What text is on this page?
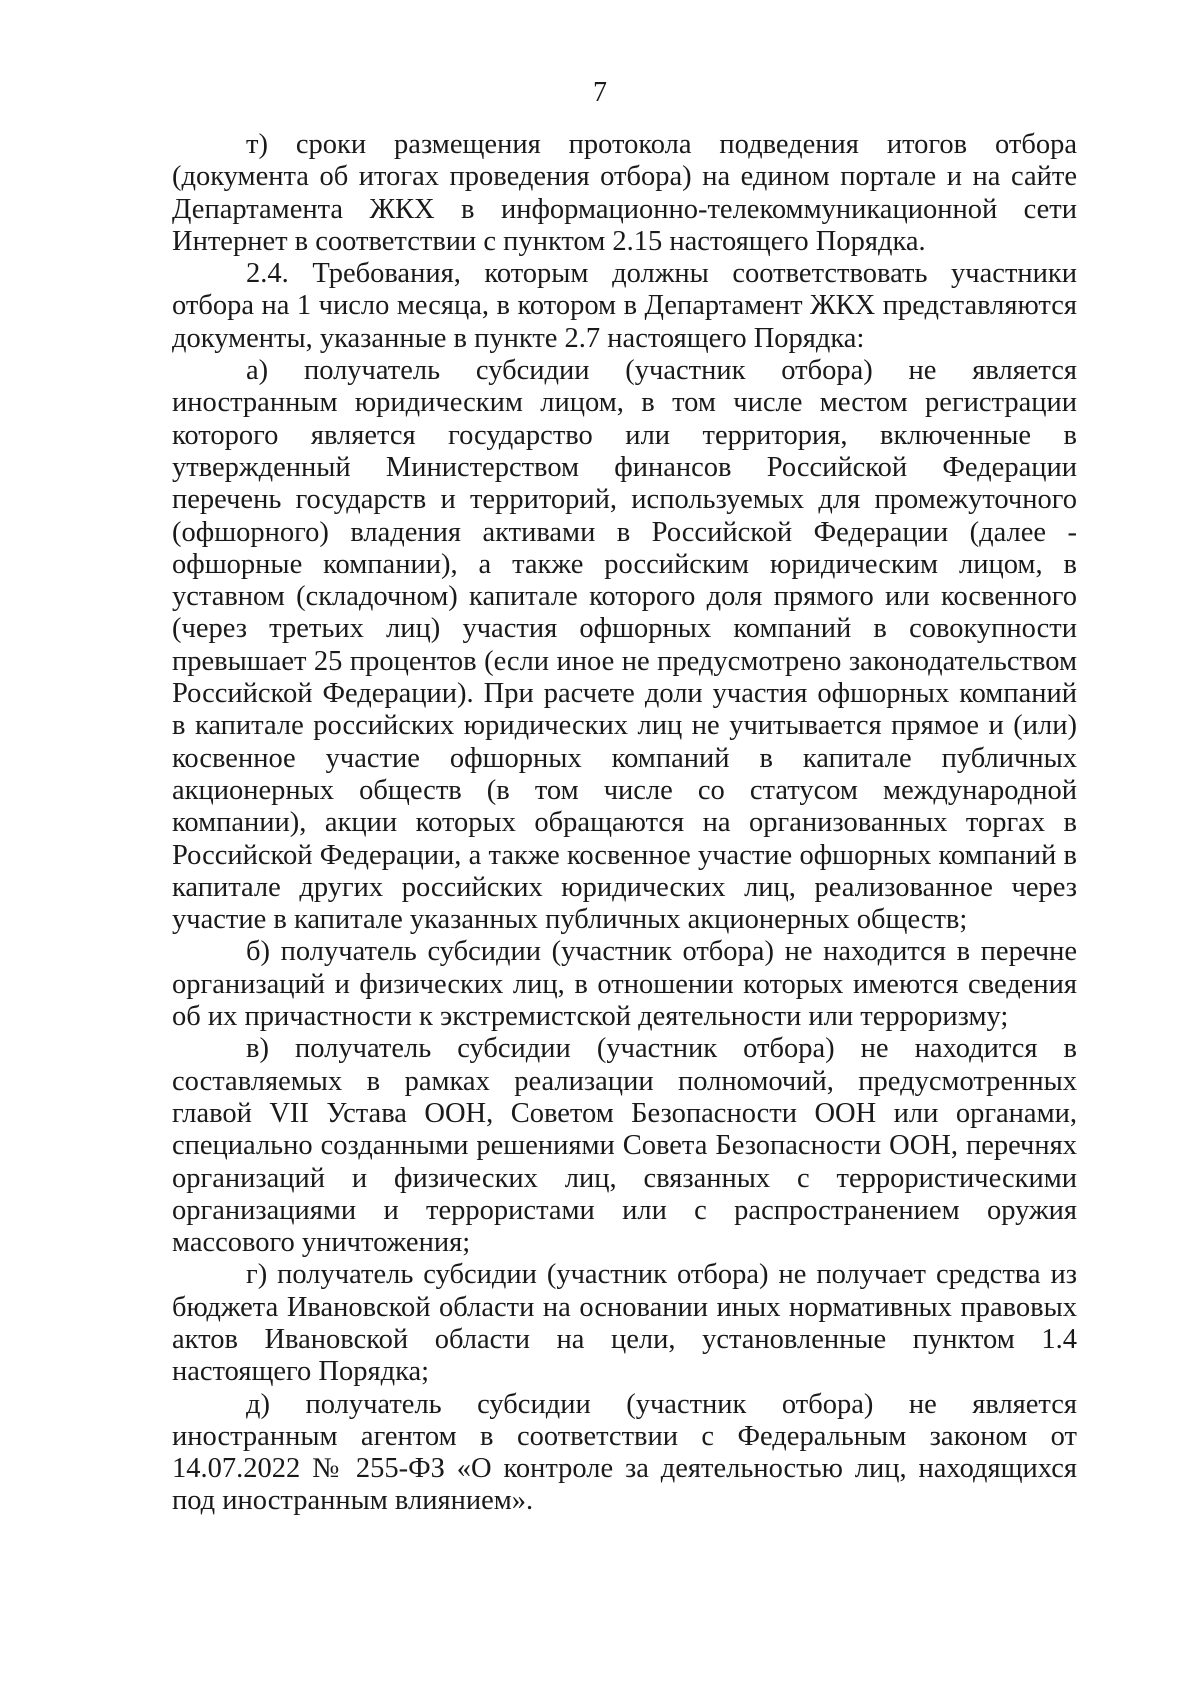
7

т) сроки размещения протокола подведения итогов отбора (документа об итогах проведения отбора) на едином портале и на сайте Департамента ЖКХ в информационно-телекоммуникационной сети Интернет в соответствии с пунктом 2.15 настоящего Порядка.

2.4. Требования, которым должны соответствовать участники отбора на 1 число месяца, в котором в Департамент ЖКХ представляются документы, указанные в пункте 2.7 настоящего Порядка:

а) получатель субсидии (участник отбора) не является иностранным юридическим лицом, в том числе местом регистрации которого является государство или территория, включенные в утвержденный Министерством финансов Российской Федерации перечень государств и территорий, используемых для промежуточного (офшорного) владения активами в Российской Федерации (далее - офшорные компании), а также российским юридическим лицом, в уставном (складочном) капитале которого доля прямого или косвенного (через третьих лиц) участия офшорных компаний в совокупности превышает 25 процентов (если иное не предусмотрено законодательством Российской Федерации). При расчете доли участия офшорных компаний в капитале российских юридических лиц не учитывается прямое и (или) косвенное участие офшорных компаний в капитале публичных акционерных обществ (в том числе со статусом международной компании), акции которых обращаются на организованных торгах в Российской Федерации, а также косвенное участие офшорных компаний в капитале других российских юридических лиц, реализованное через участие в капитале указанных публичных акционерных обществ;

б) получатель субсидии (участник отбора) не находится в перечне организаций и физических лиц, в отношении которых имеются сведения об их причастности к экстремистской деятельности или терроризму;

в) получатель субсидии (участник отбора) не находится в составляемых в рамках реализации полномочий, предусмотренных главой VII Устава ООН, Советом Безопасности ООН или органами, специально созданными решениями Совета Безопасности ООН, перечнях организаций и физических лиц, связанных с террористическими организациями и террористами или с распространением оружия массового уничтожения;

г) получатель субсидии (участник отбора) не получает средства из бюджета Ивановской области на основании иных нормативных правовых актов Ивановской области на цели, установленные пунктом 1.4 настоящего Порядка;

д) получатель субсидии (участник отбора) не является иностранным агентом в соответствии с Федеральным законом от 14.07.2022 № 255-ФЗ «О контроле за деятельностью лиц, находящихся под иностранным влиянием».
